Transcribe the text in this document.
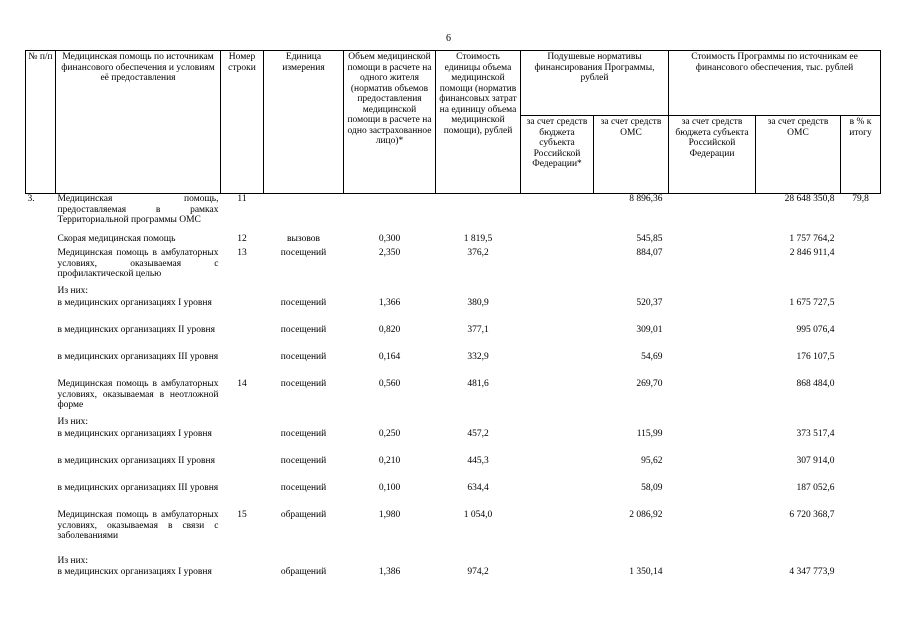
6
№ п/п	Медицинская помощь по источникам финансового обеспечения и условиям её предоставления	Номер строки	Единица измерения	Объем медицинской помощи в расчете на одного жителя (норматив объемов предоставления медицинской помощи в расчете на одно застрахованное лицо)*	Стоимость единицы объема медицинской помощи (норматив финансовых затрат на единицу объема медицинской помощи), рублей	Подушевые нормативы финансирования Программы, рублей		Стоимость Программы по источникам ее финансового обеспечения, тыс. рублей		
						за счет средств бюджета субъекта Российской Федерации*	за счет средств ОМС	за счет средств бюджета субъекта Российской Федерации	за счет средств ОМС	в % к итогу

3.	Медицинская помощь, предоставляемая в рамках Территориальной программы ОМС	11					8 896,36		28 648 350,8	79,8
	Скорая медицинская помощь	12	вызовов	0,300	1 819,5		545,85		1 757 764,2	
	Медицинская помощь в амбулаторных условиях, оказываемая с профилактической целью	13	посещений	2,350	376,2		884,07		2 846 911,4	
	Из них:									
	в медицинских организациях I уровня		посещений	1,366	380,9		520,37		1 675 727,5	
	в медицинских организациях II уровня		посещений	0,820	377,1		309,01		995 076,4	
	в медицинских организациях III уровня		посещений	0,164	332,9		54,69		176 107,5	
	Медицинская помощь в амбулаторных условиях, оказываемая в неотложной форме	14	посещений	0,560	481,6		269,70		868 484,0	
	Из них:									
	в медицинских организациях I уровня		посещений	0,250	457,2		115,99		373 517,4	
	в медицинских организациях II уровня		посещений	0,210	445,3		95,62		307 914,0	
	в медицинских организациях III уровня		посещений	0,100	634,4		58,09		187 052,6	
	Медицинская помощь в амбулаторных условиях, оказываемая в связи с заболеваниями	15	обращений	1,980	1 054,0		2 086,92		6 720 368,7	
	Из них:									
	в медицинских организациях I уровня		обращений	1,386	974,2		1 350,14		4 347 773,9	
